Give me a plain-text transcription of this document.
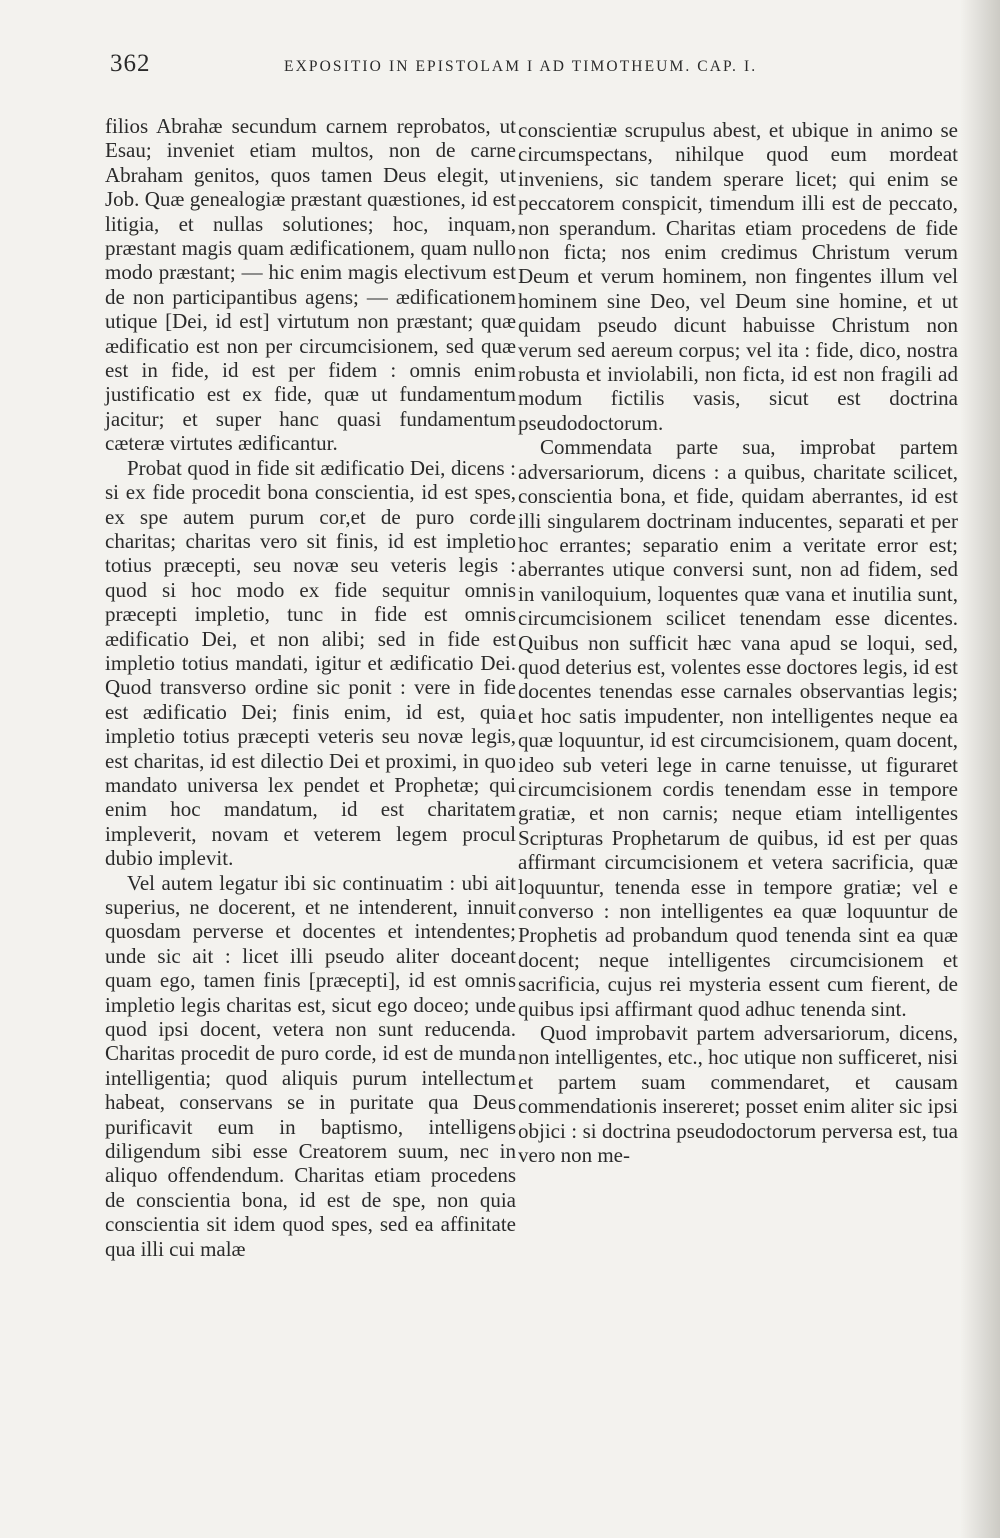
362	EXPOSITIO IN EPISTOLAM I AD TIMOTHEUM. CAP. I.

filios Abrahæ secundum carnem reprobatos, ut Esau; inveniet etiam multos, non de carne Abraham genitos, quos tamen Deus elegit, ut Job. Quæ genealogiæ præstant quæstiones, id est litigia, et nullas solutiones; hoc, inquam, præstant magis quam ædificationem, quam nullo modo præstant; — hic enim magis electivum est de non participantibus agens; — ædificationem utique [Dei, id est] virtutum non præstant; quæ ædificatio est non per circumcisionem, sed quæ est in fide, id est per fidem : omnis enim justificatio est ex fide, quæ ut fundamentum jacitur; et super hanc quasi fundamentum cæteræ virtutes ædificantur.

Probat quod in fide sit ædificatio Dei, dicens : si ex fide procedit bona conscientia, id est spes, ex spe autem purum cor,et de puro corde charitas; charitas vero sit finis, id est impletio totius præcepti, seu novæ seu veteris legis : quod si hoc modo ex fide sequitur omnis præcepti impletio, tunc in fide est omnis ædificatio Dei, et non alibi; sed in fide est impletio totius mandati, igitur et ædificatio Dei. Quod transverso ordine sic ponit : vere in fide est ædificatio Dei; finis enim, id est, quia impletio totius præcepti veteris seu novæ legis, est charitas, id est dilectio Dei et proximi, in quo mandato universa lex pendet et Prophetæ; qui enim hoc mandatum, id est charitatem impleverit, novam et veterem legem procul dubio implevit.

Vel autem legatur ibi sic continuatim : ubi ait superius, ne docerent, et ne intenderent, innuit quosdam perverse et docentes et intendentes; unde sic ait : licet illi pseudo aliter doceant quam ego, tamen finis [præcepti], id est omnis impletio legis charitas est, sicut ego doceo; unde quod ipsi docent, vetera non sunt reducenda. Charitas procedit de puro corde, id est de munda intelligentia; quod aliquis purum intellectum habeat, conservans se in puritate qua Deus purificavit eum in baptismo, intelligens diligendum sibi esse Creatorem suum, nec in aliquo offendendum. Charitas etiam procedens de conscientia bona, id est de spe, non quia conscientia sit idem quod spes, sed ea affinitate qua illi cui malæ

conscientiæ scrupulus abest, et ubique in animo se circumspectans, nihilque quod eum mordeat inveniens, sic tandem sperare licet; qui enim se peccatorem conspicit, timendum illi est de peccato, non sperandum. Charitas etiam procedens de fide non ficta; nos enim credimus Christum verum Deum et verum hominem, non fingentes illum vel hominem sine Deo, vel Deum sine homine, et ut quidam pseudo dicunt habuisse Christum non verum sed aereum corpus; vel ita : fide, dico, nostra robusta et inviolabili, non ficta, id est non fragili ad modum fictilis vasis, sicut est doctrina pseudodoctorum.

Commendata parte sua, improbat partem adversariorum, dicens : a quibus, charitate scilicet, conscientia bona, et fide, quidam aberrantes, id est illi singularem doctrinam inducentes, separati et per hoc errantes; separatio enim a veritate error est; aberrantes utique conversi sunt, non ad fidem, sed in vaniloquium, loquentes quæ vana et inutilia sunt, circumcisionem scilicet tenendam esse dicentes. Quibus non sufficit hæc vana apud se loqui, sed, quod deterius est, volentes esse doctores legis, id est docentes tenendas esse carnales observantias legis; et hoc satis impudenter, non intelligentes neque ea quæ loquuntur, id est circumcisionem, quam docent, ideo sub veteri lege in carne tenuisse, ut figuraret circumcisionem cordis tenendam esse in tempore gratiæ, et non carnis; neque etiam intelligentes Scripturas Prophetarum de quibus, id est per quas affirmant circumcisionem et vetera sacrificia, quæ loquuntur, tenenda esse in tempore gratiæ; vel e converso : non intelligentes ea quæ loquuntur de Prophetis ad probandum quod tenenda sint ea quæ docent; neque intelligentes circumcisionem et sacrificia, cujus rei mysteria essent cum fierent, de quibus ipsi affirmant quod adhuc tenenda sint.

Quod improbavit partem adversariorum, dicens, non intelligentes, etc., hoc utique non sufficeret, nisi et partem suam commendaret, et causam commendationis insereret; posset enim aliter sic ipsi objici : si doctrina pseudodoctorum perversa est, tua vero non me-
